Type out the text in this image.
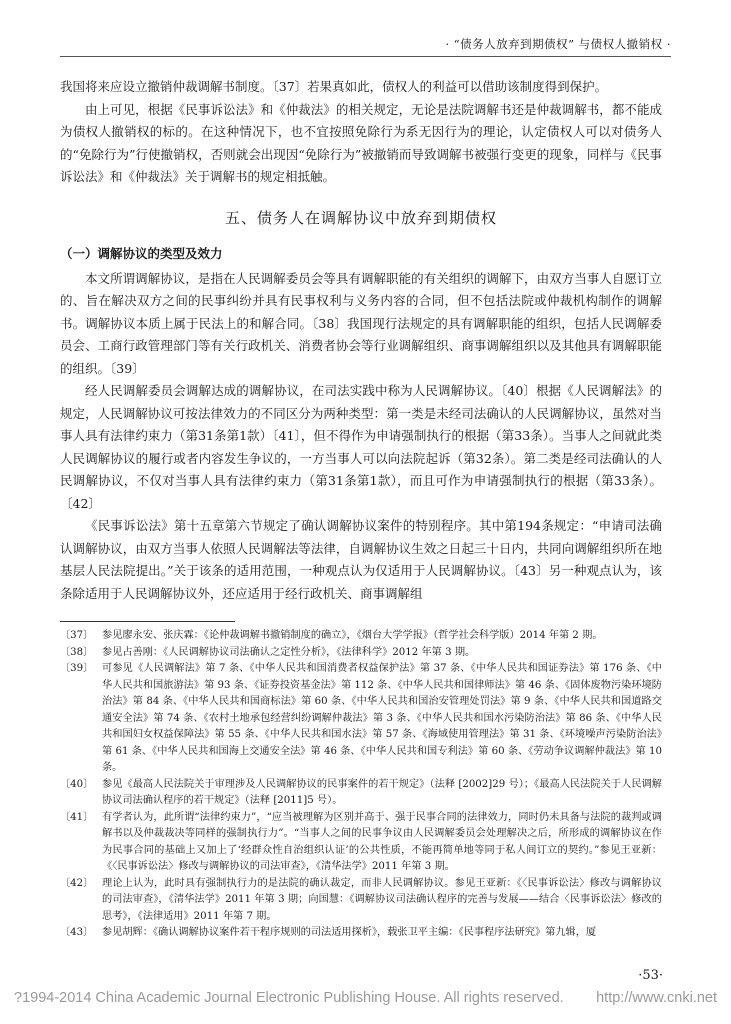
· “债务人放弃到期债权” 与债权人撤销权 ·

我国将来应设立撤销仲裁调解书制度。〔37〕若果真如此，债权人的利益可以借助该制度得到保护。

由上可见，根据《民事诉讼法》和《仲裁法》的相关规定，无论是法院调解书还是仲裁调解书，都不能成为债权人撤销权的标的。在这种情况下，也不宜按照免除行为系无因行为的理论，认定债权人可以对债务人的“免除行为”行使撤销权，否则就会出现因“免除行为”被撤销而导致调解书被强行变更的现象，同样与《民事诉讼法》和《仲裁法》关于调解书的规定相抵触。

五、债务人在调解协议中放弃到期债权
（一）调解协议的类型及效力

本文所谓调解协议，是指在人民调解委员会等具有调解职能的有关组织的调解下，由双方当事人自愿订立的、旨在解决双方之间的民事纠纷并具有民事权利与义务内容的合同，但不包括法院或仲裁机构制作的调解书。调解协议本质上属于民法上的和解合同。〔38〕我国现行法规定的具有调解职能的组织，包括人民调解委员会、工商行政管理部门等有关行政机关、消费者协会等行业调解组织、商事调解组织以及其他具有调解职能的组织。〔39〕

经人民调解委员会调解达成的调解协议，在司法实践中称为人民调解协议。〔40〕根据《人民调解法》的规定，人民调解协议可按法律效力的不同区分为两种类型：第一类是未经司法确认的人民调解协议，虽然对当事人具有法律约束力（第31条第1款）〔41〕，但不得作为申请强制执行的根据（第33条）。当事人之间就此类人民调解协议的履行或者内容发生争议的，一方当事人可以向法院起诉（第32条）。第二类是经司法确认的人民调解协议，不仅对当事人具有法律约束力（第31条第1款），而且可作为申请强制执行的根据（第33条）。〔42〕

《民事诉讼法》第十五章第六节规定了确认调解协议案件的特别程序。其中第194条规定：“申请司法确认调解协议，由双方当事人依照人民调解法等法律，自调解协议生效之日起三十日内，共同向调解组织所在地基层人民法院提出。”关于该条的适用范围，一种观点认为仅适用于人民调解协议。〔43〕另一种观点认为，该条除适用于人民调解协议外，还应适用于经行政机关、商事调解组

〔37〕 参见廖永安、张庆霖：《论仲裁调解书撤销制度的确立》，《烟台大学学报》（哲学社会科学版）2014 年第 2 期。
〔38〕 参见占善刚：《人民调解协议司法确认之定性分析》，《法律科学》2012 年第 3 期。
〔39〕 可参见《人民调解法》第 7 条、《中华人民共和国消费者权益保护法》第 37 条、《中华人民共和国证券法》第 176 条、《中华人民共和国旅游法》第 93 条、《证券投资基金法》第 112 条、《中华人民共和国律师法》第 46 条、《固体废物污染环境防治法》第 84 条、《中华人民共和国商标法》第 60 条、《中华人民共和国治安管理处罚法》第 9 条、《中华人民共和国道路交通安全法》第 74 条、《农村土地承包经营纠纷调解仲裁法》第 3 条、《中华人民共和国水污染防治法》第 86 条、《中华人民共和国妇女权益保障法》第 55 条、《中华人民共和国水法》第 57 条、《海域使用管理法》第 31 条、《环境噪声污染防治法》第 61 条、《中华人民共和国海上交通安全法》第 46 条、《中华人民共和国专利法》第 60 条、《劳动争议调解仲裁法》第 10 条。
〔40〕 参见《最高人民法院关于审理涉及人民调解协议的民事案件的若干规定》（法释 [2002]29 号）；《最高人民法院关于人民调解协议司法确认程序的若干规定》（法释 [2011]5 号）。
〔41〕 有学者认为，此所谓“法律约束力”，“应当被理解为区别并高于、强于民事合同的法律效力，同时仍未具备与法院的裁判或调解书以及仲裁裁决等同样的强制执行力”。“当事人之间的民事争议由人民调解委员会处理解决之后，所形成的调解协议在作为民事合同的基础上又加上了‘经群众性自治组织认证’的公共性质，不能再简单地等同于私人间订立的契约。”参见王亚新：《〈民事诉讼法〉修改与调解协议的司法审查》，《清华法学》2011 年第 3 期。
〔42〕 理论上认为，此时具有强制执行力的是法院的确认裁定，而非人民调解协议。参见王亚新：《〈民事诉讼法〉修改与调解协议的司法审查》，《清华法学》2011 年第 3 期；向国慧：《调解协议司法确认程序的完善与发展——结合〈民事诉讼法〉修改的思考》，《法律适用》2011 年第 7 期。
〔43〕 参见胡辉：《确认调解协议案件若干程序规则的司法适用探析》，载张卫平主编：《民事程序法研究》第九辑，厦
·53·
?1994-2014 China Academic Journal Electronic Publishing House. All rights reserved. http://www.cnki.net
